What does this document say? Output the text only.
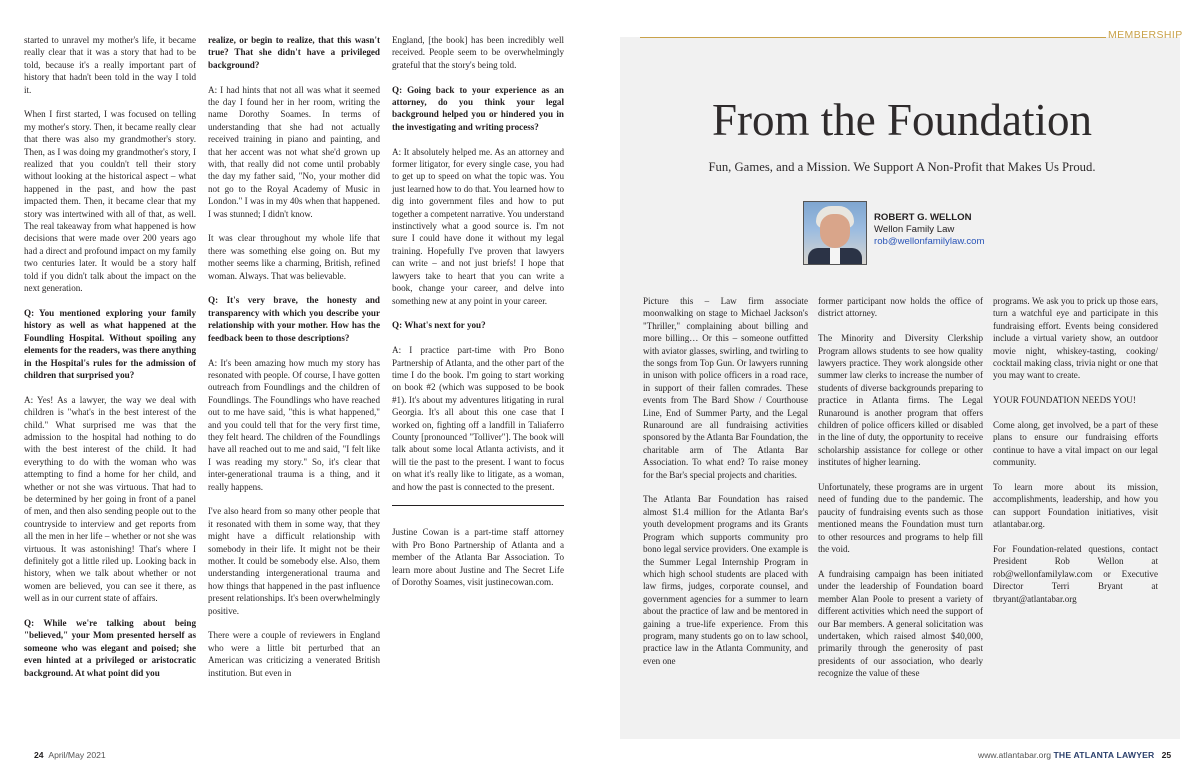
started to unravel my mother's life, it became really clear that it was a story that had to be told, because it's a really important part of history that hadn't been told in the way I told it.

When I first started, I was focused on telling my mother's story. Then, it became really clear that there was also my grandmother's story. Then, as I was doing my grandmother's story, I realized that you couldn't tell their story without looking at the historical aspect – what happened in the past, and how the past impacted them. Then, it became clear that my story was intertwined with all of that, as well. The real takeaway from what happened is how decisions that were made over 200 years ago had a direct and profound impact on my family two centuries later. It would be a story half told if you didn't talk about the impact on the next generation.

Q: You mentioned exploring your family history as well as what happened at the Foundling Hospital. Without spoiling any elements for the readers, was there anything in the Hospital's rules for the admission of children that surprised you?

A: Yes! As a lawyer, the way we deal with children is "what's in the best interest of the child." What surprised me was that the admission to the hospital had nothing to do with the best interest of the child. It had everything to do with the woman who was attempting to find a home for her child, and whether or not she was virtuous. That had to be determined by her going in front of a panel of men, and then also sending people out to the countryside to interview and get reports from all the men in her life – whether or not she was virtuous. It was astonishing! That's where I definitely got a little riled up. Looking back in history, when we talk about whether or not women are believed, you can see it there, as well as in our current state of affairs.

Q: While we're talking about being "believed," your Mom presented herself as someone who was elegant and poised; she even hinted at a privileged or aristocratic background. At what point did you

realize, or begin to realize, that this wasn't true? That she didn't have a privileged background?

A: I had hints that not all was what it seemed the day I found her in her room, writing the name Dorothy Soames. In terms of understanding that she had not actually received training in piano and painting, and that her accent was not what she'd grown up with, that really did not come until probably the day my father said, "No, your mother did not go to the Royal Academy of Music in London." I was in my 40s when that happened. I was stunned; I didn't know.

It was clear throughout my whole life that there was something else going on. But my mother seems like a charming, British, refined woman. Always. That was believable.

Q: It's very brave, the honesty and transparency with which you describe your relationship with your mother. How has the feedback been to those descriptions?

A: It's been amazing how much my story has resonated with people. Of course, I have gotten outreach from Foundlings and the children of Foundlings. The Foundlings who have reached out to me have said, "this is what happened," and you could tell that for the very first time, they felt heard. The children of the Foundlings have all reached out to me and said, "I felt like I was reading my story." So, it's clear that inter-generational trauma is a thing, and it really happens.

I've also heard from so many other people that it resonated with them in some way, that they might have a difficult relationship with somebody in their life. It might not be their mother. It could be somebody else. Also, them understanding intergenerational trauma and how things that happened in the past influence present relationships. It's been overwhelmingly positive.

There were a couple of reviewers in England who were a little bit perturbed that an American was criticizing a venerated British institution. But even in

England, [the book] has been incredibly well received. People seem to be overwhelmingly grateful that the story's being told.

Q: Going back to your experience as an attorney, do you think your legal background helped you or hindered you in the investigating and writing process?

A: It absolutely helped me. As an attorney and former litigator, for every single case, you had to get up to speed on what the topic was. You just learned how to do that. You learned how to dig into government files and how to put together a competent narrative. You understand instinctively what a good source is. I'm not sure I could have done it without my legal training. Hopefully I've proven that lawyers can write – and not just briefs! I hope that lawyers take to heart that you can write a book, change your career, and delve into something new at any point in your career.

Q: What's next for you?

A: I practice part-time with Pro Bono Partnership of Atlanta, and the other part of the time I do the book. I'm going to start working on book #2 (which was supposed to be book #1). It's about my adventures litigating in rural Georgia. It's all about this one case that I worked on, fighting off a landfill in Taliaferro County [pronounced "Tolliver"]. The book will talk about some local Atlanta activists, and it will tie the past to the present. I want to focus on what it's really like to litigate, as a woman, and how the past is connected to the present.

Justine Cowan is a part-time staff attorney with Pro Bono Partnership of Atlanta and a member of the Atlanta Bar Association. To learn more about Justine and The Secret Life of Dorothy Soames, visit justinecowan.com.

24 April/May 2021
MEMBERSHIP
From the Foundation
Fun, Games, and a Mission. We Support A Non-Profit that Makes Us Proud.
ROBERT G. WELLON
Wellon Family Law
rob@wellonfamilylaw.com

Picture this – Law firm associate moonwalking on stage to Michael Jackson's "Thriller," complaining about billing and more billing… Or this – someone outfitted with aviator glasses, swirling, and twirling to the songs from Top Gun. Or lawyers running in unison with police officers in a road race, in support of their fallen comrades. These events from The Bard Show / Courthouse Line, End of Summer Party, and the Legal Runaround are all fundraising activities sponsored by the Atlanta Bar Foundation, the charitable arm of The Atlanta Bar Association. To what end? To raise money for the Bar's special projects and charities.

The Atlanta Bar Foundation has raised almost $1.4 million for the Atlanta Bar's youth development programs and its Grants Program which supports community pro bono legal service providers. One example is the Summer Legal Internship Program in which high school students are placed with law firms, judges, corporate counsel, and government agencies for a summer to learn about the practice of law and be mentored in gaining a true-life experience. From this program, many students go on to law school, practice law in the Atlanta Community, and even one

former participant now holds the office of district attorney.

The Minority and Diversity Clerkship Program allows students to see how quality lawyers practice. They work alongside other summer law clerks to increase the number of students of diverse backgrounds preparing to practice in Atlanta firms. The Legal Runaround is another program that offers children of police officers killed or disabled in the line of duty, the opportunity to receive scholarship assistance for college or other institutes of higher learning.

Unfortunately, these programs are in urgent need of funding due to the pandemic. The paucity of fundraising events such as those mentioned means the Foundation must turn to other resources and programs to help fill the void.

A fundraising campaign has been initiated under the leadership of Foundation board member Alan Poole to present a variety of different activities which need the support of our Bar members. A general solicitation was undertaken, which raised almost $40,000, primarily through the generosity of past presidents of our association, who dearly recognize the value of these

programs. We ask you to prick up those ears, turn a watchful eye and participate in this fundraising effort. Events being considered include a virtual variety show, an outdoor movie night, whiskey-tasting, cooking/ cocktail making class, trivia night or one that you may want to create.

YOUR FOUNDATION NEEDS YOU!

Come along, get involved, be a part of these plans to ensure our fundraising efforts continue to have a vital impact on our legal community.

To learn more about its mission, accomplishments, leadership, and how you can support Foundation initiatives, visit atlantabar.org.

For Foundation-related questions, contact President Rob Wellon at rob@wellonfamilylaw.com or Executive Director Terri Bryant at tbryant@atlantabar.org

www.atlantabar.org THE ATLANTA LAWYER 25
